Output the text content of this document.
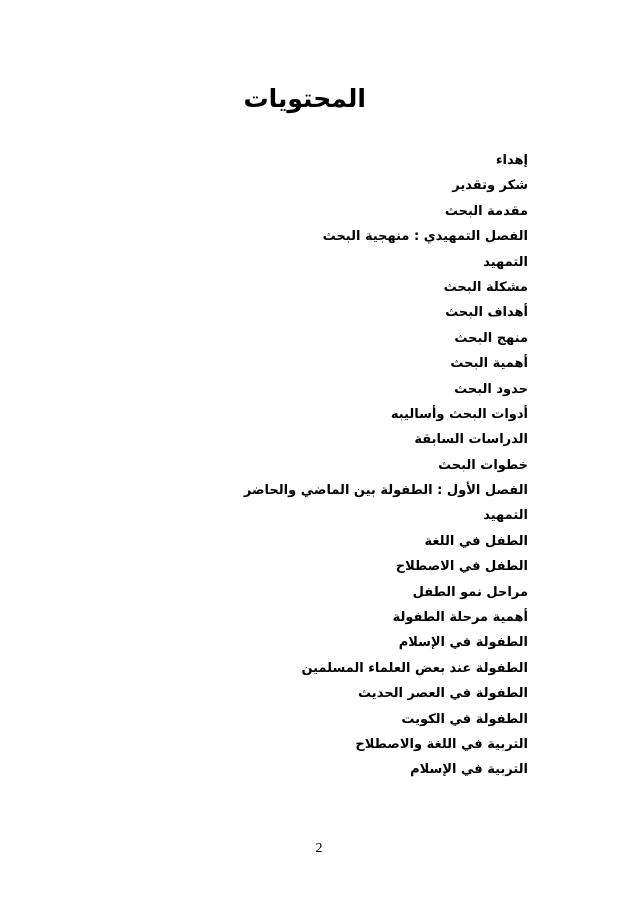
المحتويات
إهداء
شكر وتقدير
مقدمة البحث
الفصل التمهيدي : منهجية البحث
التمهيد
مشكلة البحث
أهداف البحث
منهج البحث
أهمية البحث
حدود البحث
أدوات البحث وأساليبه
الدراسات السابقة
خطوات البحث
الفصل الأول : الطفولة بين الماضي والحاضر
التمهيد
الطفل في اللغة
الطفل في الاصطلاح
مراحل نمو الطفل
أهمية مرحلة الطفولة
الطفولة في الإسلام
الطفولة عند بعض العلماء المسلمين
الطفولة في العصر الحديث
الطفولة في الكويت
التربية في اللغة والاصطلاح
التربية في الإسلام
2
